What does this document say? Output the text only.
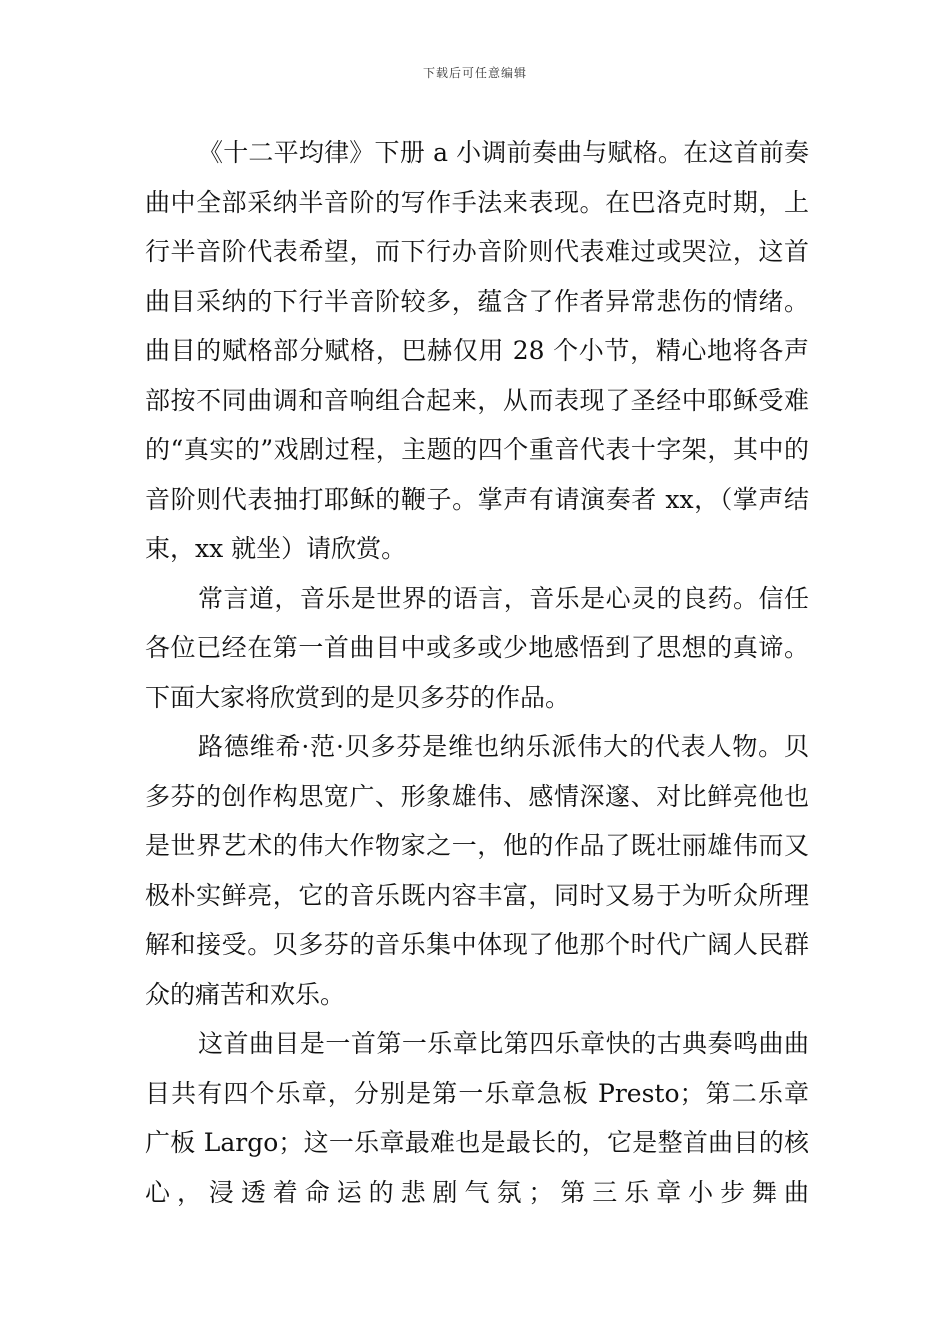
下载后可任意编辑

《十二平均律》下册 a 小调前奏曲与赋格。在这首前奏曲中全部采纳半音阶的写作手法来表现。在巴洛克时期，上行半音阶代表希望，而下行办音阶则代表难过或哭泣，这首曲目采纳的下行半音阶较多，蕴含了作者异常悲伤的情绪。曲目的赋格部分赋格，巴赫仅用 28 个小节，精心地将各声部按不同曲调和音响组合起来，从而表现了圣经中耶稣受难的“真实的”戏剧过程，主题的四个重音代表十字架，其中的音阶则代表抽打耶稣的鞭子。掌声有请演奏者 xx，（掌声结束，xx 就坐）请欣赏。

常言道，音乐是世界的语言，音乐是心灵的良药。信任各位已经在第一首曲目中或多或少地感悟到了思想的真谛。下面大家将欣赏到的是贝多芬的作品。

路德维希·范·贝多芬是维也纳乐派伟大的代表人物。贝多芬的创作构思宽广、形象雄伟、感情深邃、对比鲜亮他也是世界艺术的伟大作物家之一，他的作品了既壮丽雄伟而又极朴实鲜亮，它的音乐既内容丰富，同时又易于为听众所理解和接受。贝多芬的音乐集中体现了他那个时代广阔人民群众的痛苦和欢乐。

这首曲目是一首第一乐章比第四乐章快的古典奏鸣曲曲目共有四个乐章，分别是第一乐章急板 Presto；第二乐章广板 Largo；这一乐章最难也是最长的，它是整首曲目的核心，浸透着命运的悲剧气氛；第三乐章小步舞曲
